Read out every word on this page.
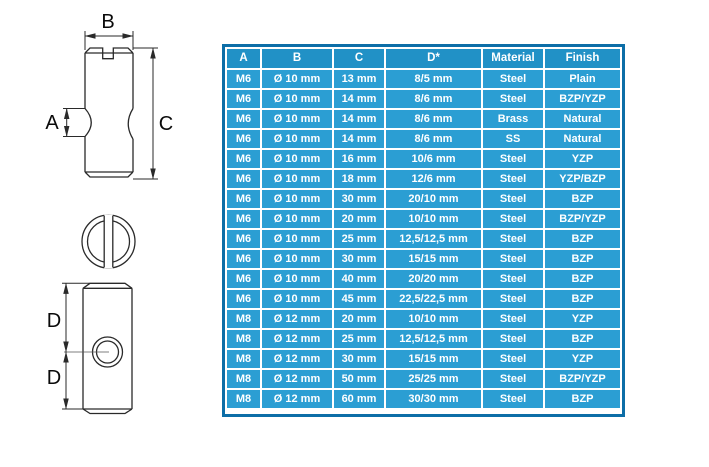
B
C
A
D
D
A	B	C	D*	Material	Finish
M6	Ø 10 mm	13 mm	8/5 mm	Steel	Plain
M6	Ø 10 mm	14 mm	8/6 mm	Steel	BZP/YZP
M6	Ø 10 mm	14 mm	8/6 mm	Brass	Natural
M6	Ø 10 mm	14 mm	8/6 mm	SS	Natural
M6	Ø 10 mm	16 mm	10/6 mm	Steel	YZP
M6	Ø 10 mm	18 mm	12/6 mm	Steel	YZP/BZP
M6	Ø 10 mm	30 mm	20/10 mm	Steel	BZP
M6	Ø 10 mm	20 mm	10/10 mm	Steel	BZP/YZP
M6	Ø 10 mm	25 mm	12,5/12,5 mm	Steel	BZP
M6	Ø 10 mm	30 mm	15/15 mm	Steel	BZP
M6	Ø 10 mm	40 mm	20/20 mm	Steel	BZP
M6	Ø 10 mm	45 mm	22,5/22,5 mm	Steel	BZP
M8	Ø 12 mm	20 mm	10/10 mm	Steel	YZP
M8	Ø 12 mm	25 mm	12,5/12,5 mm	Steel	BZP
M8	Ø 12 mm	30 mm	15/15 mm	Steel	YZP
M8	Ø 12 mm	50 mm	25/25 mm	Steel	BZP/YZP
M8	Ø 12 mm	60 mm	30/30 mm	Steel	BZP
